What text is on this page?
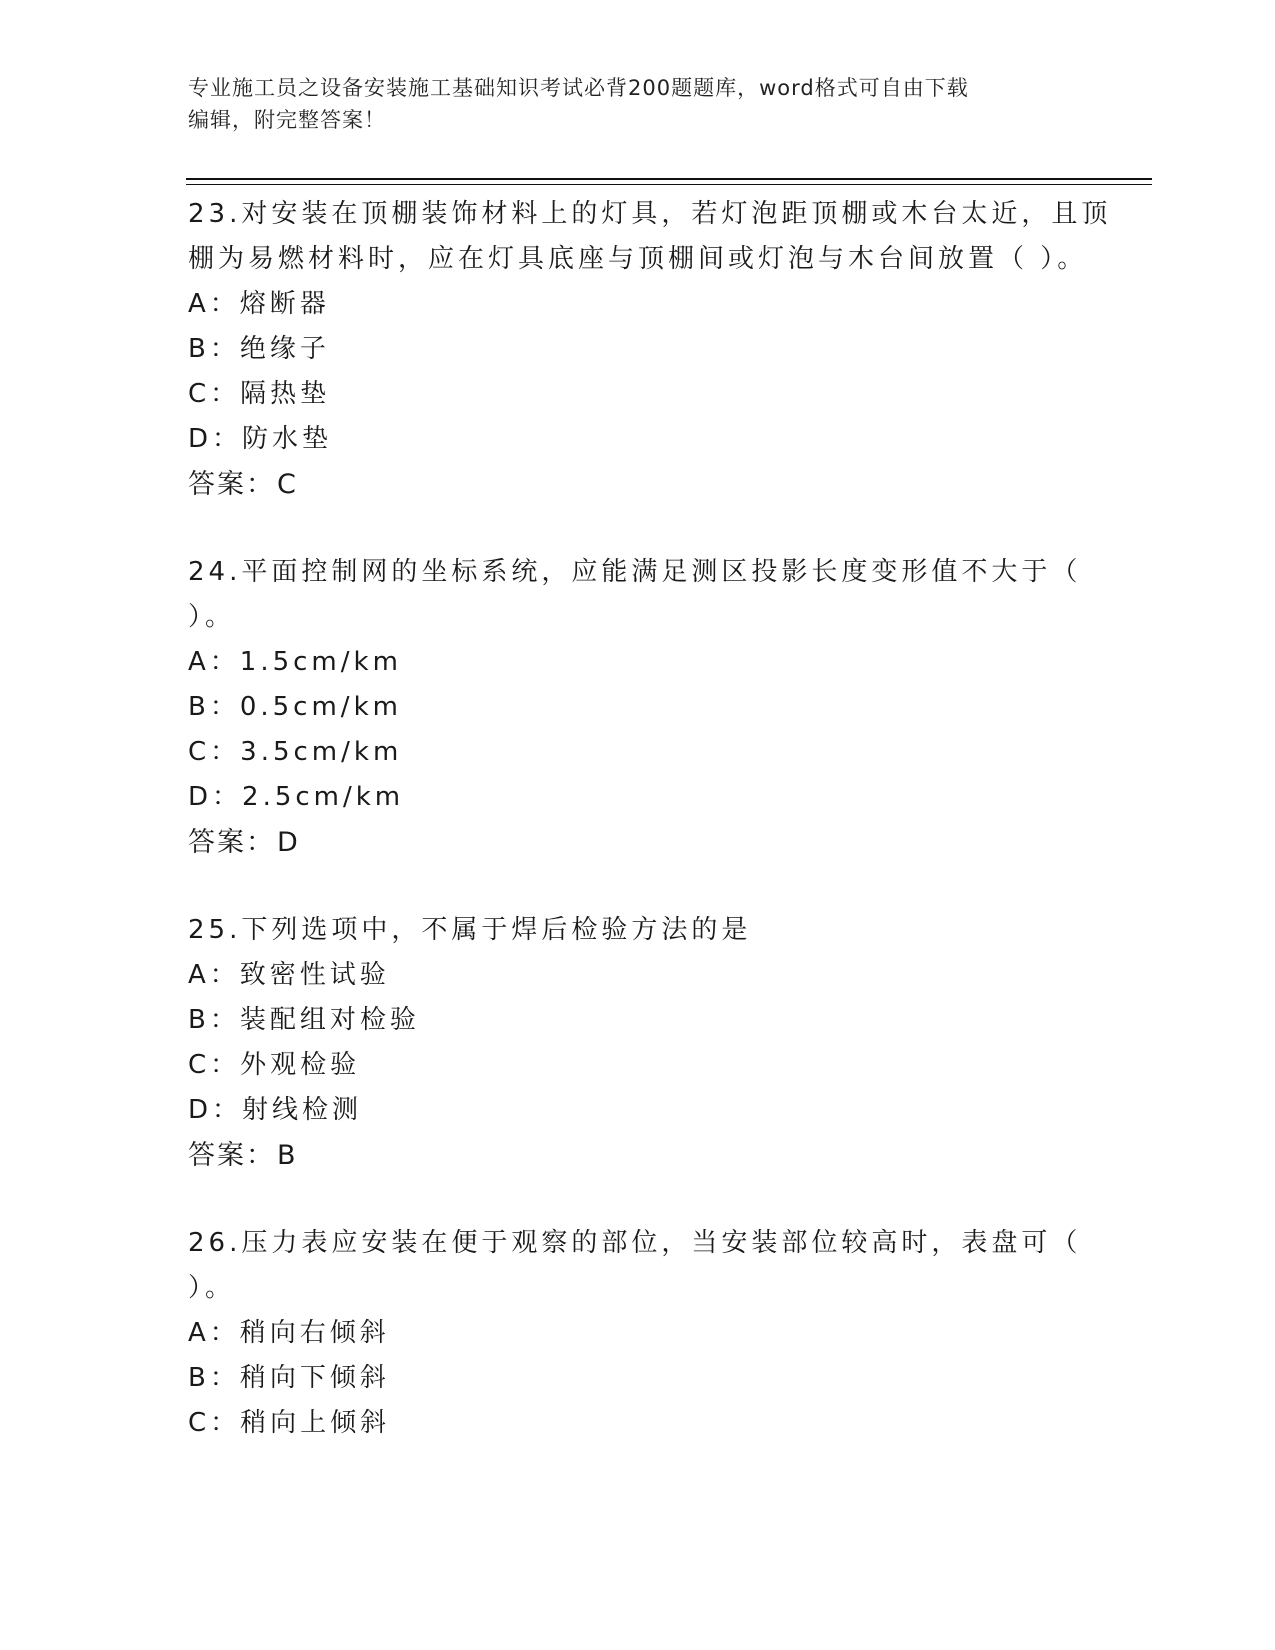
专业施工员之设备安装施工基础知识考试必背200题题库，word格式可自由下载
编辑，附完整答案！
23.对安装在顶棚装饰材料上的灯具，若灯泡距顶棚或木台太近，且顶
棚为易燃材料时，应在灯具底座与顶棚间或灯泡与木台间放置（ ）。
A：熔断器
B：绝缘子
C：隔热垫
D：防水垫
答案：C
24.平面控制网的坐标系统，应能满足测区投影长度变形值不大于（
）。
A：1.5cm/km
B：0.5cm/km
C：3.5cm/km
D：2.5cm/km
答案：D
25.下列选项中，不属于焊后检验方法的是
A：致密性试验
B：装配组对检验
C：外观检验
D：射线检测
答案：B
26.压力表应安装在便于观察的部位，当安装部位较高时，表盘可（
）。
A：稍向右倾斜
B：稍向下倾斜
C：稍向上倾斜
